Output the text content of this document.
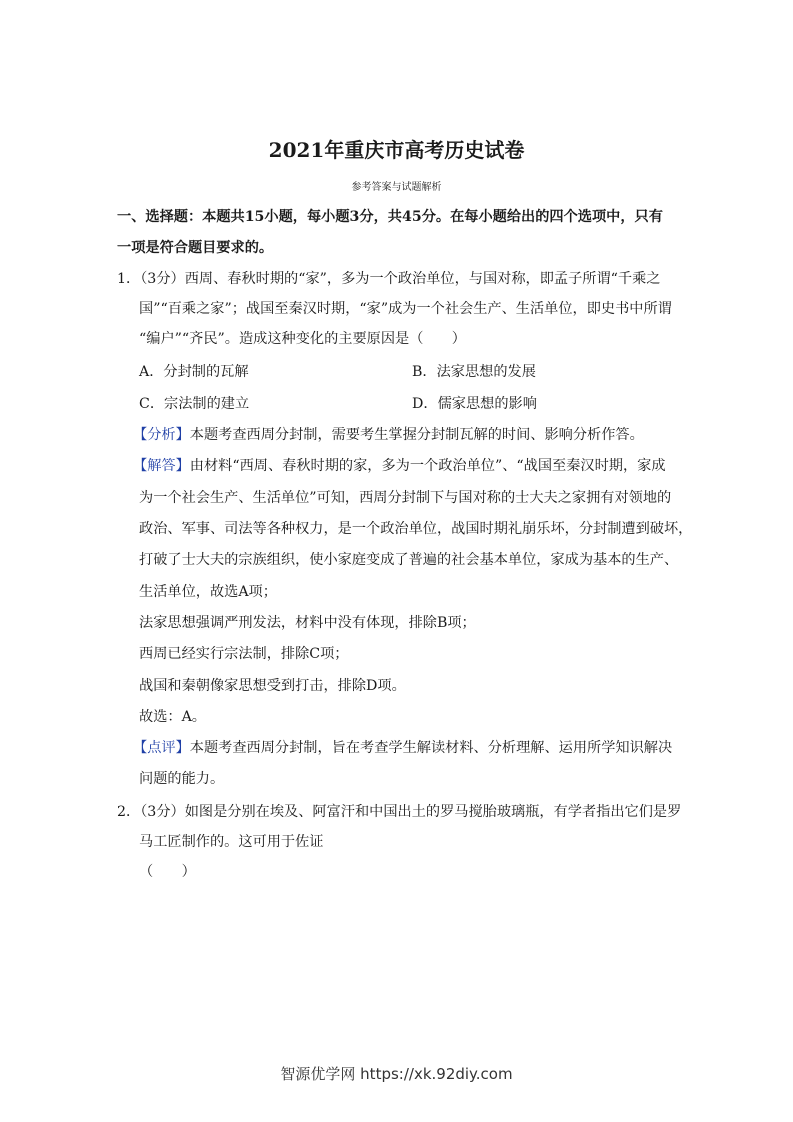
2021年重庆市高考历史试卷
参考答案与试题解析
一、选择题：本题共15小题，每小题3分，共45分。在每小题给出的四个选项中，只有
一项是符合题目要求的。
1．（3分）西周、春秋时期的“家”，多为一个政治单位，与国对称，即孟子所谓“千乘之
国”“百乘之家”；战国至秦汉时期，“家”成为一个社会生产、生活单位，即史书中所谓
“编户”“齐民”。造成这种变化的主要原因是（　　）
A．分封制的瓦解	B．法家思想的发展
C．宗法制的建立	D．儒家思想的影响
【分析】本题考查西周分封制，需要考生掌握分封制瓦解的时间、影响分析作答。
【解答】由材料“西周、春秋时期的家，多为一个政治单位”、“战国至秦汉时期，家成
为一个社会生产、生活单位”可知，西周分封制下与国对称的士大夫之家拥有对领地的
政治、军事、司法等各种权力，是一个政治单位，战国时期礼崩乐坏，分封制遭到破坏，
打破了士大夫的宗族组织，使小家庭变成了普遍的社会基本单位，家成为基本的生产、
生活单位，故选A项；
法家思想强调严刑发法，材料中没有体现，排除B项；
西周已经实行宗法制，排除C项；
战国和秦朝像家思想受到打击，排除D项。
故选：A。
【点评】本题考查西周分封制，旨在考查学生解读材料、分析理解、运用所学知识解决
问题的能力。
2．（3分）如图是分别在埃及、阿富汗和中国出土的罗马搅胎玻璃瓶，有学者指出它们是罗
马工匠制作的。这可用于佐证
（　　）
智源优学网 https://xk.92diy.com
